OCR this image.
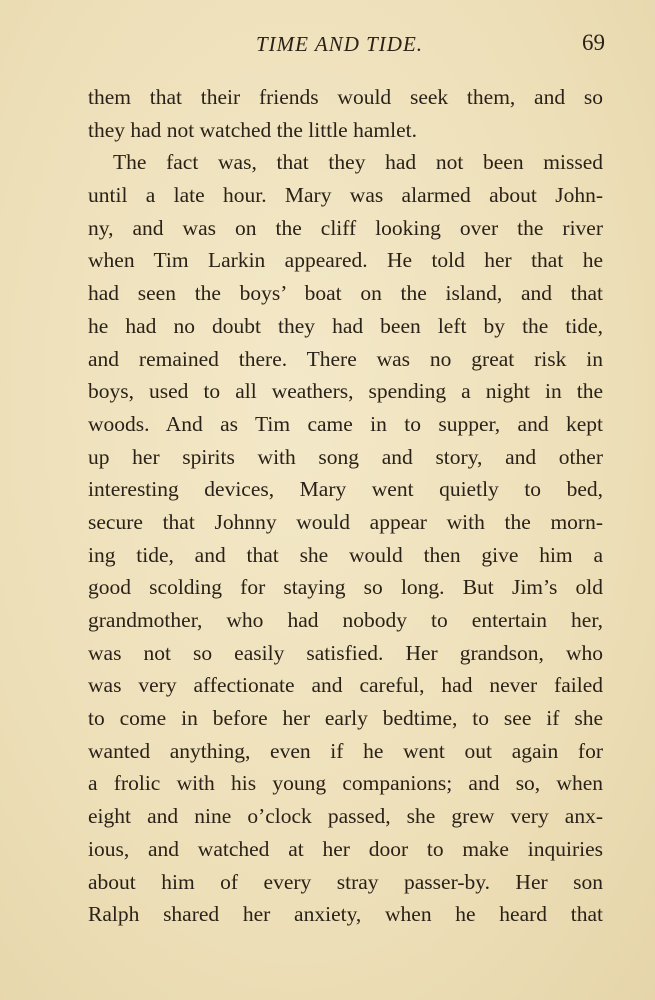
TIME AND TIDE.	69
them that their friends would seek them, and so
they had not watched the little hamlet.
The fact was, that they had not been missed
until a late hour. Mary was alarmed about John-
ny, and was on the cliff looking over the river
when Tim Larkin appeared. He told her that he
had seen the boys’ boat on the island, and that
he had no doubt they had been left by the tide,
and remained there. There was no great risk in
boys, used to all weathers, spending a night in the
woods. And as Tim came in to supper, and kept
up her spirits with song and story, and other
interesting devices, Mary went quietly to bed,
secure that Johnny would appear with the morn-
ing tide, and that she would then give him a
good scolding for staying so long. But Jim’s old
grandmother, who had nobody to entertain her,
was not so easily satisfied. Her grandson, who
was very affectionate and careful, had never failed
to come in before her early bedtime, to see if she
wanted anything, even if he went out again for
a frolic with his young companions; and so, when
eight and nine o’clock passed, she grew very anx-
ious, and watched at her door to make inquiries
about him of every stray passer-by. Her son
Ralph shared her anxiety, when he heard that
